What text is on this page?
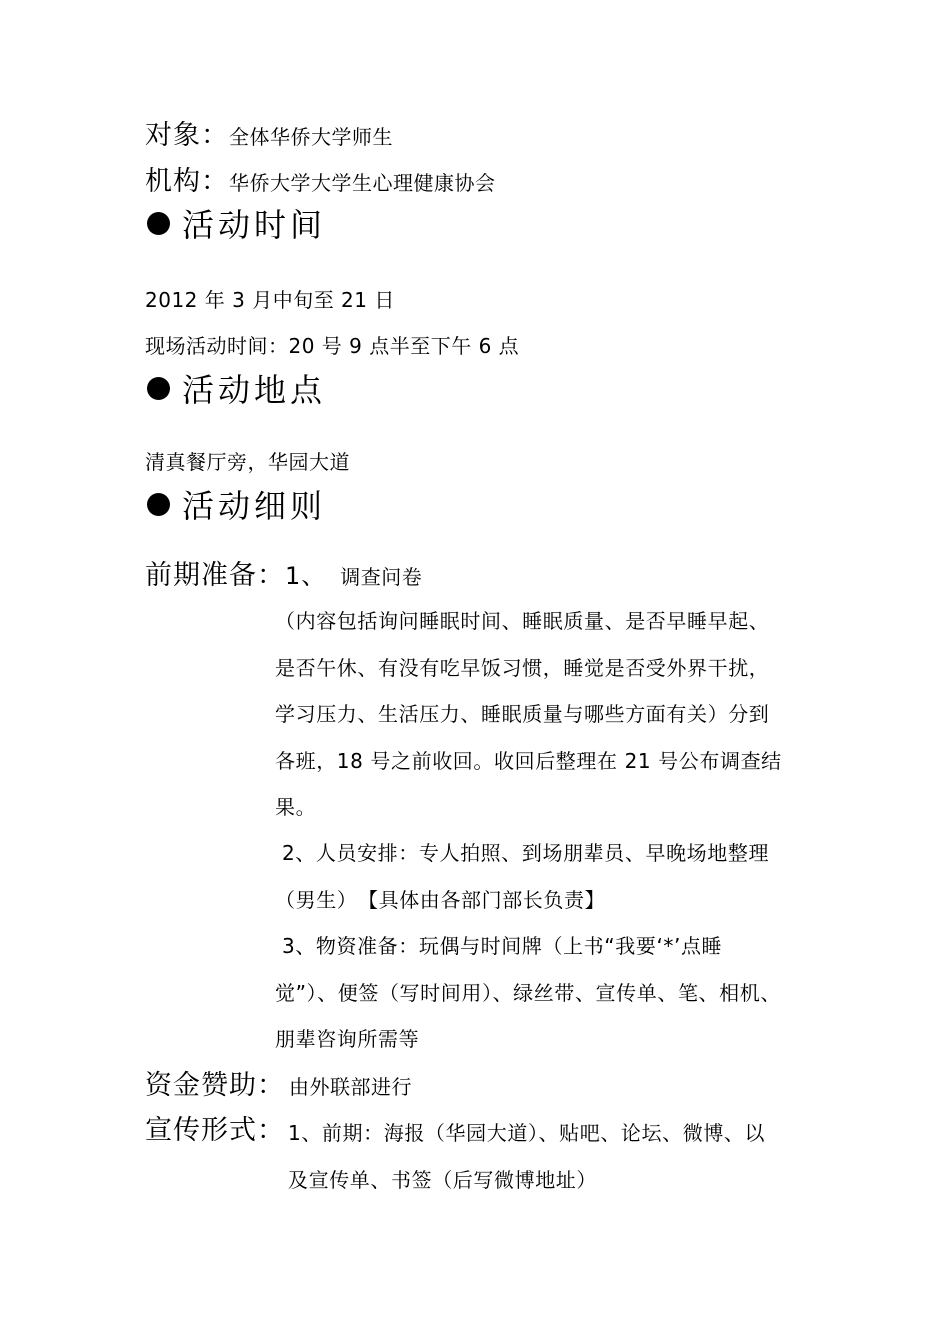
对象：全体华侨大学师生
机构：华侨大学大学生心理健康协会
活动时间
2012 年 3 月中旬至 21 日
现场活动时间：20 号 9 点半至下午 6 点
活动地点
清真餐厅旁，华园大道
活动细则
前期准备：1、 调查问卷
（内容包括询问睡眠时间、睡眠质量、是否早睡早起、
是否午休、有没有吃早饭习惯，睡觉是否受外界干扰，
学习压力、生活压力、睡眠质量与哪些方面有关）分到
各班，18 号之前收回。收回后整理在 21 号公布调查结
果。
2、人员安排：专人拍照、到场朋辈员、早晚场地整理
（男生）　【具体由各部门部长负责】
3、物资准备：玩偶与时间牌（上书“我要‘*’点睡
觉”）、便签（写时间用）、绿丝带、宣传单、笔、相机、
朋辈咨询所需等
资金赞助： 由外联部进行
宣传形式： 1、前期：海报（华园大道）、贴吧、论坛、微博、以
及宣传单、书签（后写微博地址）
